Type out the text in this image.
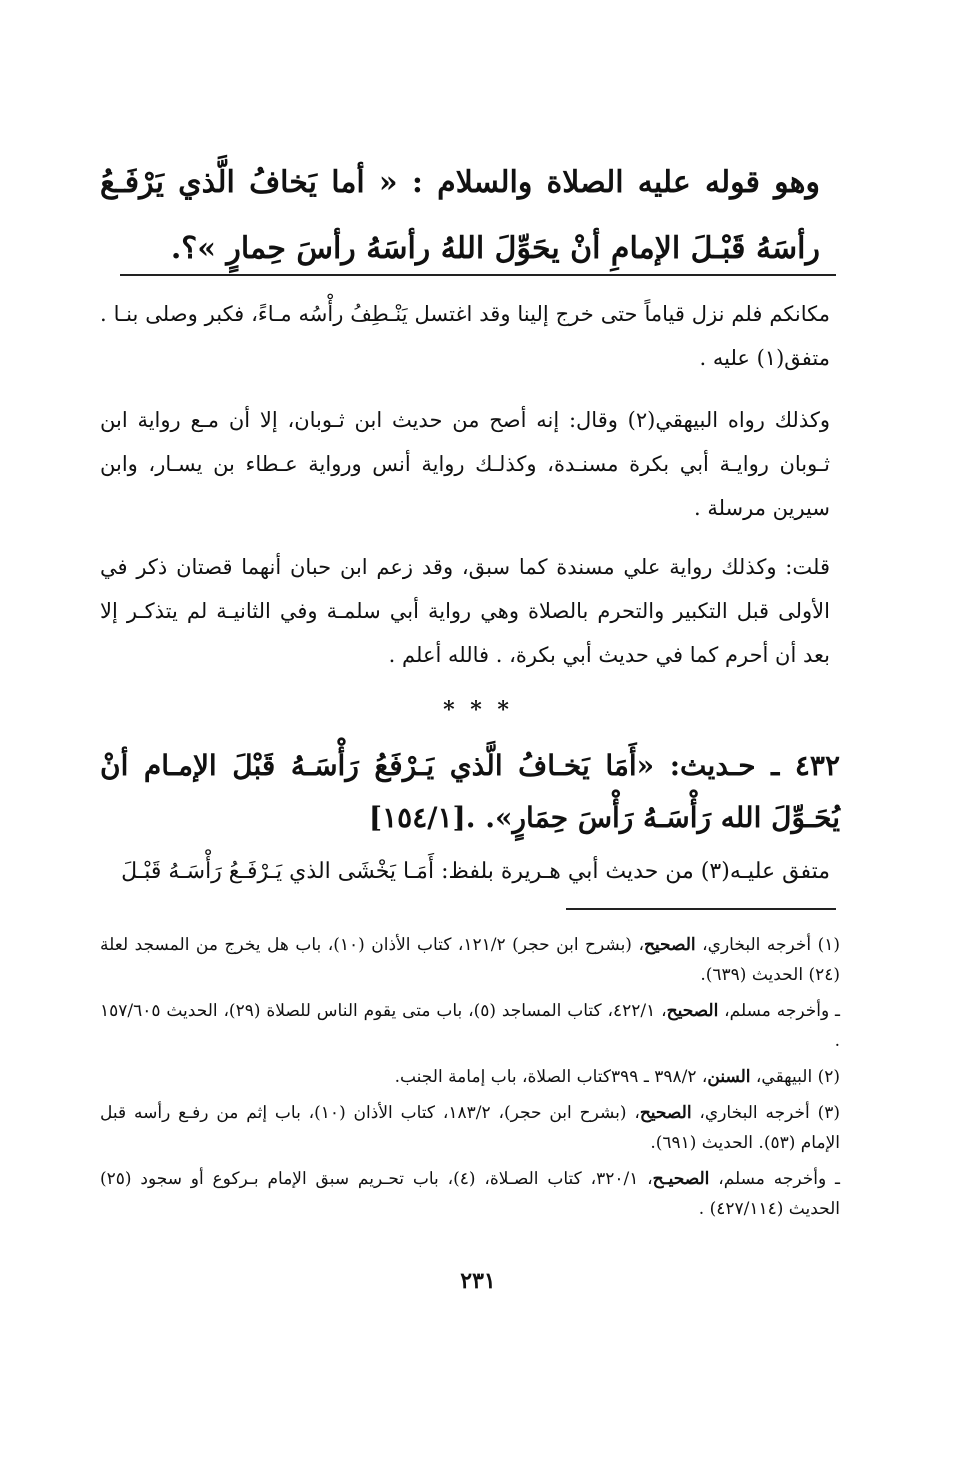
وهو قوله عليه الصلاة والسلام : « أما يَخافُ الَّذي يَرْفَـعُ رأسَهُ قَبْـلَ الإمامِ أنْ يحَوِّلَ اللهُ رأسَهُ رأسَ حِمارٍ »؟.
مكانكم فلم نزل قياماً حتى خرج إلينا وقد اغتسل يَنْـطِفُ رأْسُه مـاءً، فكبر وصلى بنـا . متفق(١) عليه .
وكذلك رواه البيهقي(٢) وقال: إنه أصح من حديث ابن ثـوبان، إلا أن مـع رواية ابن ثـوبان روايـة أبي بكرة مسنـدة، وكذلـك رواية أنس ورواية عـطاء بن يسـار، وابن سيرين مرسلة .
قلت: وكذلك رواية علي مسندة كما سبق، وقد زعم ابن حبان أنهما قصتان ذكر في الأولى قبل التكبير والتحرم بالصلاة وهي رواية أبي سلمـة وفي الثانيـة لم يتذكـر إلا بعد أن أحرم كما في حديث أبي بكرة، . فالله أعلم .
* * *
٤٣٢ ـ حـديث: «أَمَا يَخـافُ الَّذي يَـرْفَعُ رَأْسَـهُ قَبْلَ الإمـام أنْ يُحَـوِّلَ الله رَأْسَـهُ رَأْسَ حِمَارٍ». .[١٥٤/١]
متفق عليـه(٣) من حديث أبي هـريرة بلفظ: أَمَـا يَخْشَى الذي يَـرْفَـعُ رَأْسَـهُ قَبْـلَ
(١) أخرجه البخاري، الصحيح، (بشرح ابن حجر) ١٢١/٢، كتاب الأذان (١٠)، باب هل يخرج من المسجد لعلة (٢٤) الحديث (٦٣٩).
ـ وأخرجه مسلم، الصحيح، ٤٢٢/١، كتاب المساجد (٥)، باب متى يقوم الناس للصلاة (٢٩)، الحديث ١٥٧/٦٠٥ .
(٢) البيهقي، السنن، ٣٩٨/٢ ـ ٣٩٩كتاب الصلاة، باب إمامة الجنب.
(٣) أخرجه البخاري، الصحيح، (بشرح ابن حجر)، ١٨٣/٢، كتاب الأذان (١٠)، باب إثم من رفـع رأسه قبل الإمام (٥٣). الحديث (٦٩١).
ـ وأخرجه مسلم، الصحيـح، ٣٢٠/١، كتاب الصـلاة، (٤)، باب تحـريم سبق الإمام بـركوع أو سجود (٢٥) الحديث (٤٢٧/١١٤) .
٢٣١
